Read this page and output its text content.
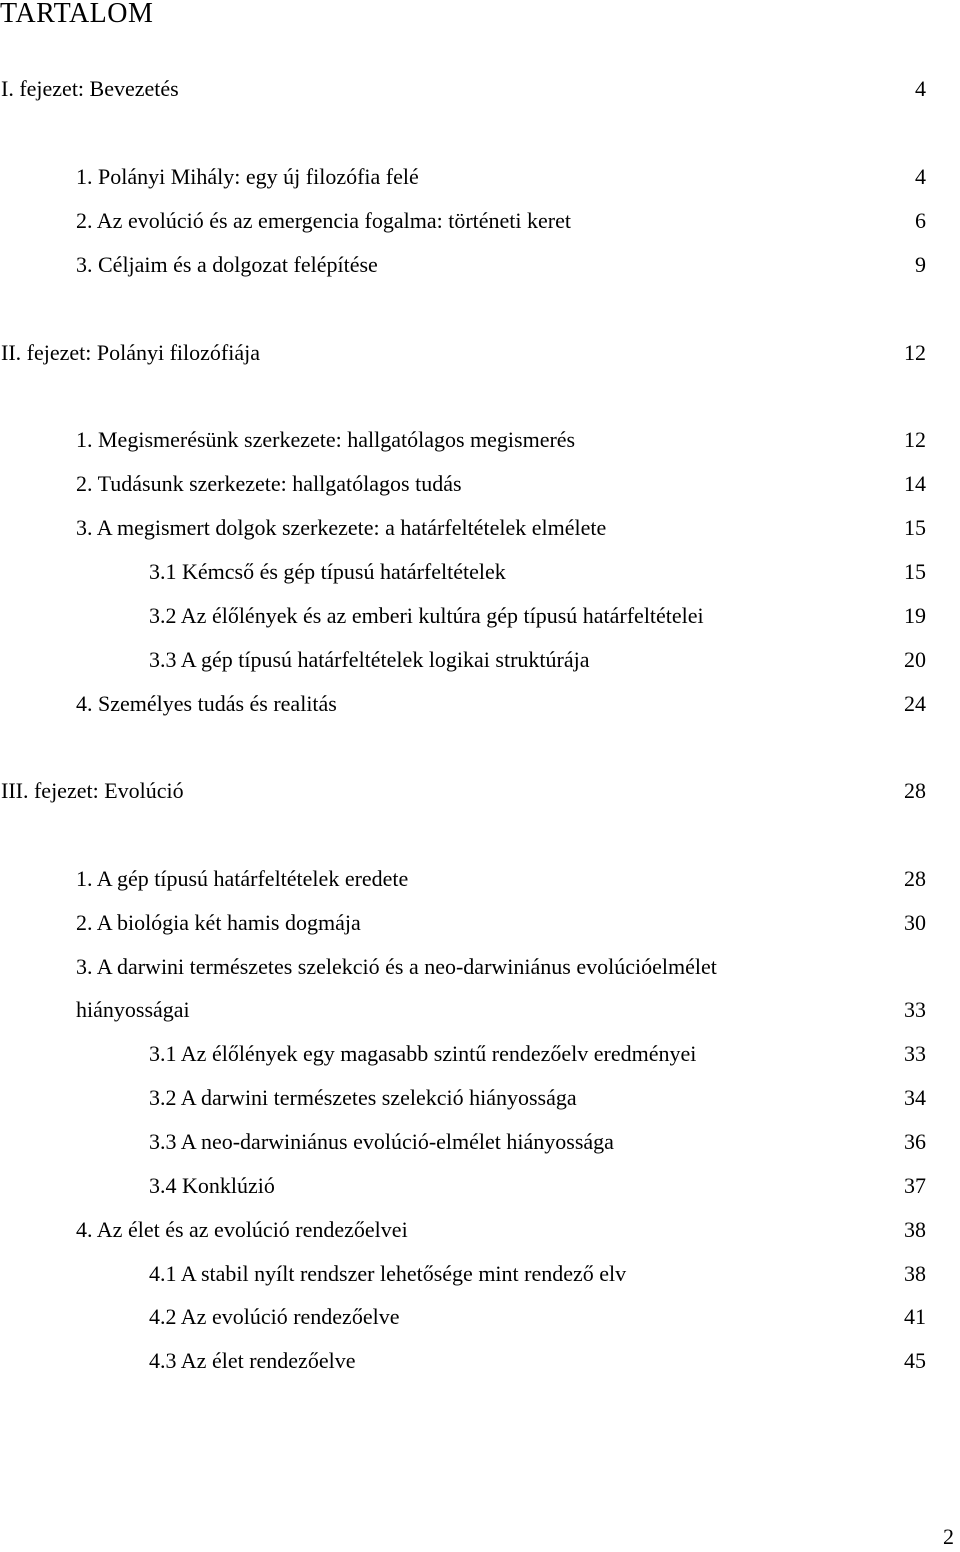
TARTALOM
I. fejezet: Bevezetés	4
1. Polányi Mihály: egy új filozófia felé	4
2. Az evolúció és az emergencia fogalma: történeti keret	6
3. Céljaim és a dolgozat felépítése	9
II. fejezet: Polányi filozófiája	12
1. Megismerésünk szerkezete: hallgatólagos megismerés	12
2. Tudásunk szerkezete: hallgatólagos tudás	14
3. A megismert dolgok szerkezete: a határfeltételek elmélete	15
3.1 Kémcső és gép típusú határfeltételek	15
3.2 Az élőlények és az emberi kultúra gép típusú határfeltételei	19
3.3 A gép típusú határfeltételek logikai struktúrája	20
4. Személyes tudás és realitás	24
III. fejezet: Evolúció	28
1. A gép típusú határfeltételek eredete	28
2. A biológia két hamis dogmája	30
3. A darwini természetes szelekció és a neo-darwiniánus evolúcióelmélet
hiányosságai	33
3.1 Az élőlények egy magasabb szintű rendezőelv eredményei	33
3.2 A darwini természetes szelekció hiányossága	34
3.3 A neo-darwiniánus evolúció-elmélet hiányossága	36
3.4 Konklúzió	37
4. Az élet és az evolúció rendezőelvei	38
4.1 A stabil nyílt rendszer lehetősége mint rendező elv	38
4.2 Az evolúció rendezőelve	41
4.3 Az élet rendezőelve	45
2
